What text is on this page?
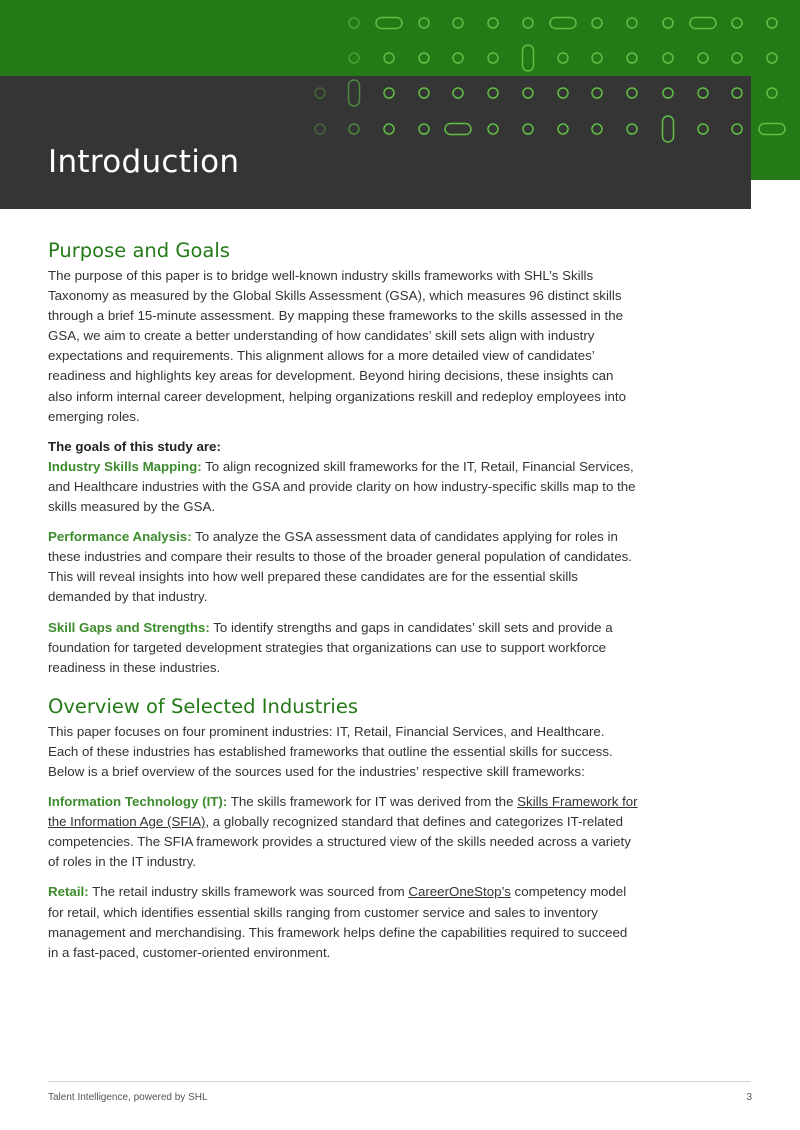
Introduction
Purpose and Goals

The purpose of this paper is to bridge well-known industry skills frameworks with SHL’s Skills Taxonomy as measured by the Global Skills Assessment (GSA), which measures 96 distinct skills through a brief 15-minute assessment. By mapping these frameworks to the skills assessed in the GSA, we aim to create a better understanding of how candidates’ skill sets align with industry expectations and requirements. This alignment allows for a more detailed view of candidates’ readiness and highlights key areas for development. Beyond hiring decisions, these insights can also inform internal career development, helping organizations reskill and redeploy employees into emerging roles.

The goals of this study are:

Industry Skills Mapping: To align recognized skill frameworks for the IT, Retail, Financial Services, and Healthcare industries with the GSA and provide clarity on how industry-specific skills map to the skills measured by the GSA.

Performance Analysis: To analyze the GSA assessment data of candidates applying for roles in these industries and compare their results to those of the broader general population of candidates. This will reveal insights into how well prepared these candidates are for the essential skills demanded by that industry.

Skill Gaps and Strengths: To identify strengths and gaps in candidates’ skill sets and provide a foundation for targeted development strategies that organizations can use to support workforce readiness in these industries.

Overview of Selected Industries

This paper focuses on four prominent industries: IT, Retail, Financial Services, and Healthcare. Each of these industries has established frameworks that outline the essential skills for success. Below is a brief overview of the sources used for the industries’ respective skill frameworks:

Information Technology (IT): The skills framework for IT was derived from the Skills Framework for the Information Age (SFIA), a globally recognized standard that defines and categorizes IT-related competencies. The SFIA framework provides a structured view of the skills needed across a variety of roles in the IT industry.

Retail: The retail industry skills framework was sourced from CareerOneStop’s competency model for retail, which identifies essential skills ranging from customer service and sales to inventory management and merchandising. This framework helps define the capabilities required to succeed in a fast-paced, customer-oriented environment.

Talent Intelligence, powered by SHL	3
